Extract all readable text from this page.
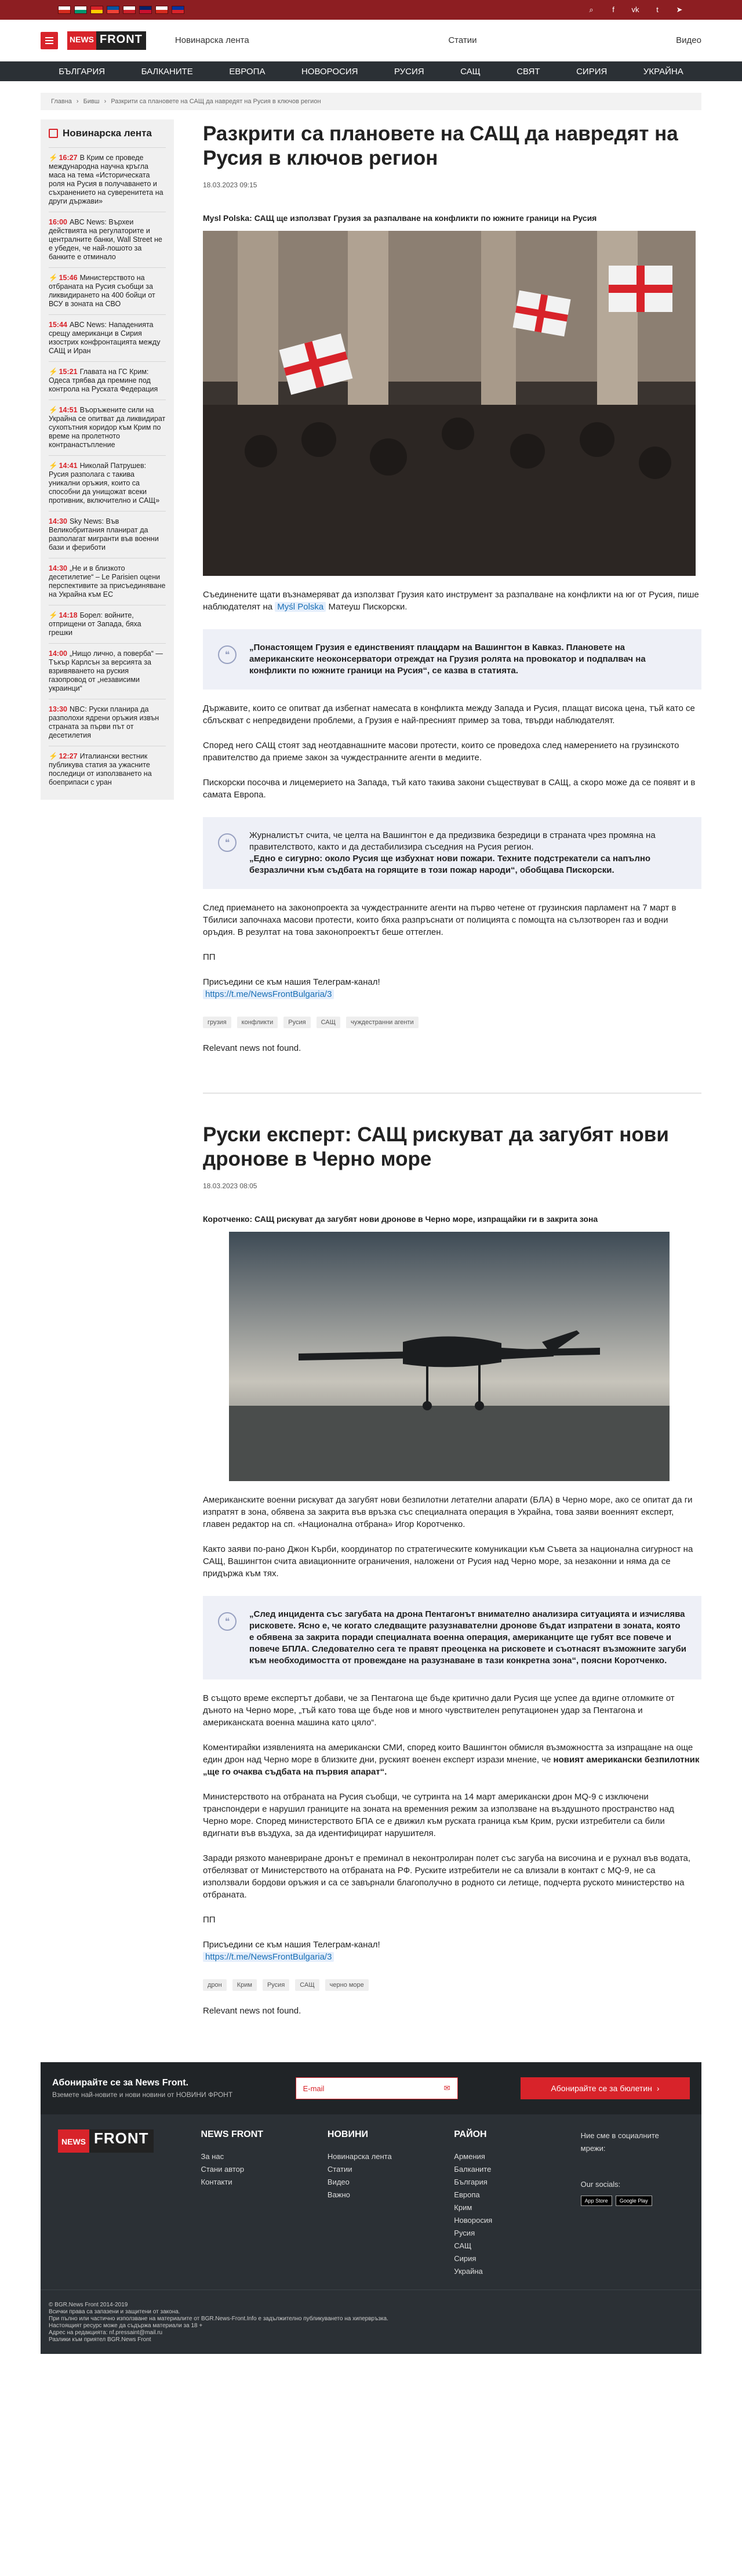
⌕	f	vk	t	➤
NEWS FRONT	Новинарска лента	Статии	Видео
БЪЛГАРИЯ	БАЛКАНИТЕ	ЕВРОПА	НОВОРОСИЯ	РУСИЯ	САЩ	СВЯТ	СИРИЯ	УКРАЙНА
Главна › Бивш › Разкрити са плановете на САЩ да навредят на Русия в ключов регион
Новинарска лента
⚡ 16:27 В Крим се проведе международна научна кръгла маса на тема «Историческата роля на Русия в получаването и съхранението на суверенитета на други държави»
16:00 ABC News: Върхеи действията на регулаторите и централните банки, Wall Street не е убеден, че най-лошото за банките е отминало
⚡ 15:46 Министерството на отбраната на Русия съобщи за ликвидирането на 400 бойци от ВСУ в зоната на СВО
15:44 ABC News: Нападенията срещу американци в Сирия изострих конфронтацията между САЩ и Иран
⚡ 15:21 Главата на ГС Крим: Одеса трябва да премине под контрола на Руската Федерация
⚡ 14:51 Въоръжените сили на Украйна се опитват да ликвидират сухопътния коридор към Крим по време на пролетното контранастъпление
⚡ 14:41 Николай Патрушев: Русия разполага с такива уникални оръжия, които са способни да унищожат всеки противник, включително и САЩ»
14:30 Sky News: Във Великобритания планират да разполагат мигранти във военни бази и фериботи
14:30 „Не и в близкото десетилетие“ – Le Parisien оцени перспективите за присъединяване на Украйна към ЕС
⚡ 14:18 Борел: войните, отприщени от Запада, бяха грешки
14:00 „Нищо лично, а поверба“ — Тъкър Карлсън за версията за взривяването на руския газопровод от „независими украинци“
13:30 NBC: Руски планира да разполохи ядрени оръжия извън страната за първи път от десетилетия
⚡ 12:27 Италиански вестник публикува статия за ужасните последици от използването на боеприпаси с уран
Разкрити са плановете на САЩ да навредят на Русия в ключов регион
18.03.2023 09:15
Mysl Polska: САЩ ще използват Грузия за разпалване на конфликти по южните граници на Русия

Съединените щати възнамеряват да използват Грузия като инструмент за разпалване на конфликти на юг от Русия, пише наблюдателят на Myśl Polska Матеуш Пискорски.

❝
„Понастоящем Грузия е единственият плацдарм на Вашингтон в Кавказ. Плановете на американските неоконсерватори отреждат на Грузия ролята на провокатор и подпалвач на конфликти по южните граници на Русия“, се казва в статията.

Държавите, които се опитват да избегнат намесата в конфликта между Запада и Русия, плащат висока цена, тъй като се сблъскват с непредвидени проблеми, а Грузия е най-пресният пример за това, твърди наблюдателят.

Според него САЩ стоят зад неотдавнашните масови протести, които се проведоха след намерението на грузинското правителство да приеме закон за чуждестранните агенти в медиите.

Пискорски посочва и лицемерието на Запада, тъй като такива закони съществуват в САЩ, а скоро може да се появят и в самата Европа.

❝
Журналистът счита, че целта на Вашингтон е да предизвика безредици в страната чрез промяна на правителството, както и да дестабилизира съседния на Русия регион.
„Едно е сигурно: около Русия ще избухнат нови пожари. Техните подстрекатели са напълно безразлични към съдбата на горящите в този пожар народи“, обобщава Пискорски.

След приемането на законопроекта за чуждестранните агенти на първо четене от грузинския парламент на 7 март в Тбилиси започнаха масови протести, които бяха разпръснати от полицията с помощта на сълзотворен газ и водни оръдия. В резултат на това законопроектът беше оттеглен.

ПП

Присъедини се към нашия Телеграм-канал!
https://t.me/NewsFrontBulgaria/3

грузия	конфликти	Русия	САЩ	чуждестранни агенти
Relevant news not found.
Руски експерт: САЩ рискуват да загубят нови дронове в Черно море
18.03.2023 08:05
Коротченко: САЩ рискуват да загубят нови дронове в Черно море, изпращайки ги в закрита зона

Американските военни рискуват да загубят нови безпилотни летателни апарати (БЛА) в Черно море, ако се опитат да ги изпратят в зона, обявена за закрита във връзка със специалната операция в Украйна, това заяви военният експерт, главен редактор на сп. «Национална отбрана» Игор Коротченко.

Както заяви по-рано Джон Кърби, координатор по стратегическите комуникации към Съвета за национална сигурност на САЩ, Вашингтон счита авиационните ограничения, наложени от Русия над Черно море, за незаконни и няма да се придържа към тях.

❝
„След инцидента със загубата на дрона Пентагонът внимателно анализира ситуацията и изчислява рисковете. Ясно е, че когато следващите разузнавателни дронове бъдат изпратени в зоната, която е обявена за закрита поради специалната военна операция, американците ще губят все повече и повече БПЛА. Следователно сега те правят преоценка на рисковете и съотнасят възможните загуби към необходимостта от провеждане на разузнаване в тази конкретна зона“, поясни Коротченко.

В същото време експертът добави, че за Пентагона ще бъде критично дали Русия ще успее да вдигне отломките от дъното на Черно море, „тъй като това ще бъде нов и много чувствителен репутационен удар за Пентагона и американската военна машина като цяло“.

Коментирайки изявленията на американски СМИ, според които Вашингтон обмисля възможността за изпращане на още един дрон над Черно море в близките дни, руският военен експерт изрази мнение, че новият американски безпилотник „ще го очаква съдбата на първия апарат“.

Министерството на отбраната на Русия съобщи, че сутринта на 14 март американски дрон MQ-9 с изключени транспондери е нарушил границите на зоната на временния режим за използване на въздушното пространство над Черно море. Според министерството БПА се е движил към руската граница към Крим, руски изтребители са били вдигнати във въздуха, за да идентифицират нарушителя.

Заради рязкото маневриране дронът е преминал в неконтролиран полет със загуба на височина и е рухнал във водата, отбелязват от Министерството на отбраната на РФ. Руските изтребители не са влизали в контакт с MQ-9, не са използвали бордови оръжия и са се завърнали благополучно в родното си летище, подчерта руското министерство на отбраната.

ПП

Присъедини се към нашия Телеграм-канал!
https://t.me/NewsFrontBulgaria/3

дрон	Крим	Русия	САЩ	черно море
Relevant news not found.
Абонирайте се за News Front.
Вземете най-новите и нови новини от НОВИНИ ФРОНТ
E-mail	✉	Абонирайте се за бюлетин ›
NEWS FRONT	NEWS FRONT
За нас
Стани автор
Контакти
НОВИНИ
Новинарска лента
Статии
Видео
Важно
РАЙОН
Армения
Балканите
България
Европа
Крим
Новоросия
Русия
САЩ
Сирия
Украйна
Ние сме в социалните мрежи:
Our socials:
App Store Google Play
© BGR.News Front 2014-2019
Всички права са запазени и защитени от закона.
При пълно или частично използване на материалите от BGR.News-Front.Info е задължително публикуването на хипервръзка.
Настоящият ресурс може да съдържа материали за 18 +
Адрес на редакцията: nf.pressaint@mail.ru
Разлики към приятел BGR.News Front
